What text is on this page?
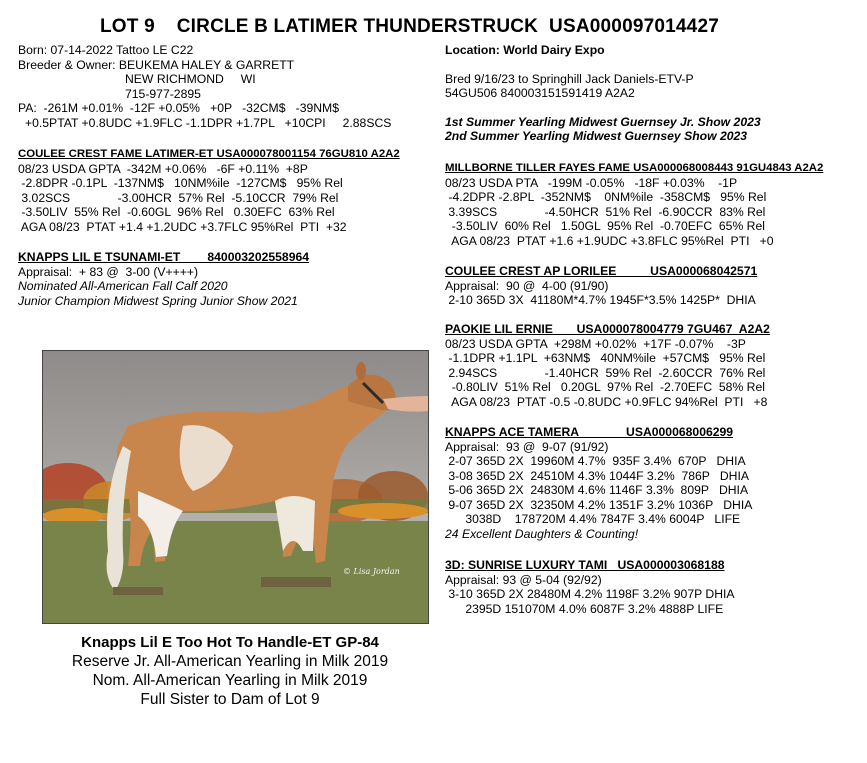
LOT 9    CIRCLE B LATIMER THUNDERSTRUCK  USA000097014427
Born: 07-14-2022 Tattoo LE C22
Breeder & Owner: BEUKEMA HALEY & GARRETT
NEW RICHMOND     WI
715-977-2895
PA:  -261M +0.01%  -12F +0.05%   +0P   -32CM$   -39NM$
+0.5PTAT +0.8UDC +1.9FLC -1.1DPR +1.7PL   +10CPI     2.88SCS
COULEE CREST FAME LATIMER-ET USA000078001154 76GU810 A2A2
08/23 USDA GPTA  -342M +0.06%   -6F +0.11%  +8P
-2.8DPR -0.1PL  -137NM$   10NM%ile  -127CM$   95% Rel
3.02SCS              -3.00HCR  57% Rel  -5.10CCR  79% Rel
-3.50LIV  55% Rel  -0.60GL  96% Rel   0.30EFC  63% Rel
AGA 08/23  PTAT +1.4 +1.2UDC +3.7FLC 95%Rel  PTI  +32
KNAPPS LIL E TSUNAMI-ET        840003202558964
Appraisal:  + 83 @  3-00 (V++++)
Nominated All-American Fall Calf 2020
Junior Champion Midwest Spring Junior Show 2021
© Lisa Jordan
Knapps Lil E Too Hot To Handle-ET GP-84
Reserve Jr. All-American Yearling in Milk 2019
Nom. All-American Yearling in Milk 2019
Full Sister to Dam of Lot 9
Location: World Dairy Expo
Bred 9/16/23 to Springhill Jack Daniels-ETV-P
54GU506 840003151591419 A2A2
1st Summer Yearling Midwest Guernsey Jr. Show 2023
2nd Summer Yearling Midwest Guernsey Show 2023
MILLBORNE TILLER FAYES FAME USA000068008443 91GU4843 A2A2
08/23 USDA PTA   -199M -0.05%   -18F +0.03%    -1P
-4.2DPR -2.8PL  -352NM$    0NM%ile  -358CM$   95% Rel
3.39SCS              -4.50HCR  51% Rel  -6.90CCR  83% Rel
-3.50LIV  60% Rel   1.50GL  95% Rel  -0.70EFC  65% Rel
AGA 08/23  PTAT +1.6 +1.9UDC +3.8FLC 95%Rel  PTI   +0
COULEE CREST AP LORILEE          USA000068042571
Appraisal:  90 @  4-00 (91/90)
2-10 365D 3X  41180M*4.7% 1945F*3.5% 1425P*  DHIA
PAOKIE LIL ERNIE       USA000078004779 7GU467  A2A2
08/23 USDA GPTA  +298M +0.02%  +17F -0.07%    -3P
-1.1DPR +1.1PL  +63NM$   40NM%ile  +57CM$   95% Rel
2.94SCS              -1.40HCR  59% Rel  -2.60CCR  76% Rel
-0.80LIV  51% Rel   0.20GL  97% Rel  -2.70EFC  58% Rel
AGA 08/23  PTAT -0.5 -0.8UDC +0.9FLC 94%Rel  PTI   +8
KNAPPS ACE TAMERA              USA000068006299
Appraisal:  93 @  9-07 (91/92)
2-07 365D 2X  19960M 4.7%  935F 3.4%  670P   DHIA
3-08 365D 2X  24510M 4.3% 1044F 3.2%  786P   DHIA
5-06 365D 2X  24830M 4.6% 1146F 3.3%  809P   DHIA
9-07 365D 2X  32350M 4.2% 1351F 3.2% 1036P   DHIA
3038D    178720M 4.4% 7847F 3.4% 6004P   LIFE
24 Excellent Daughters & Counting!
3D: SUNRISE LUXURY TAMI   USA000003068188
Appraisal: 93 @ 5-04 (92/92)
3-10 365D 2X 28480M 4.2% 1198F 3.2% 907P DHIA
2395D 151070M 4.0% 6087F 3.2% 4888P LIFE
